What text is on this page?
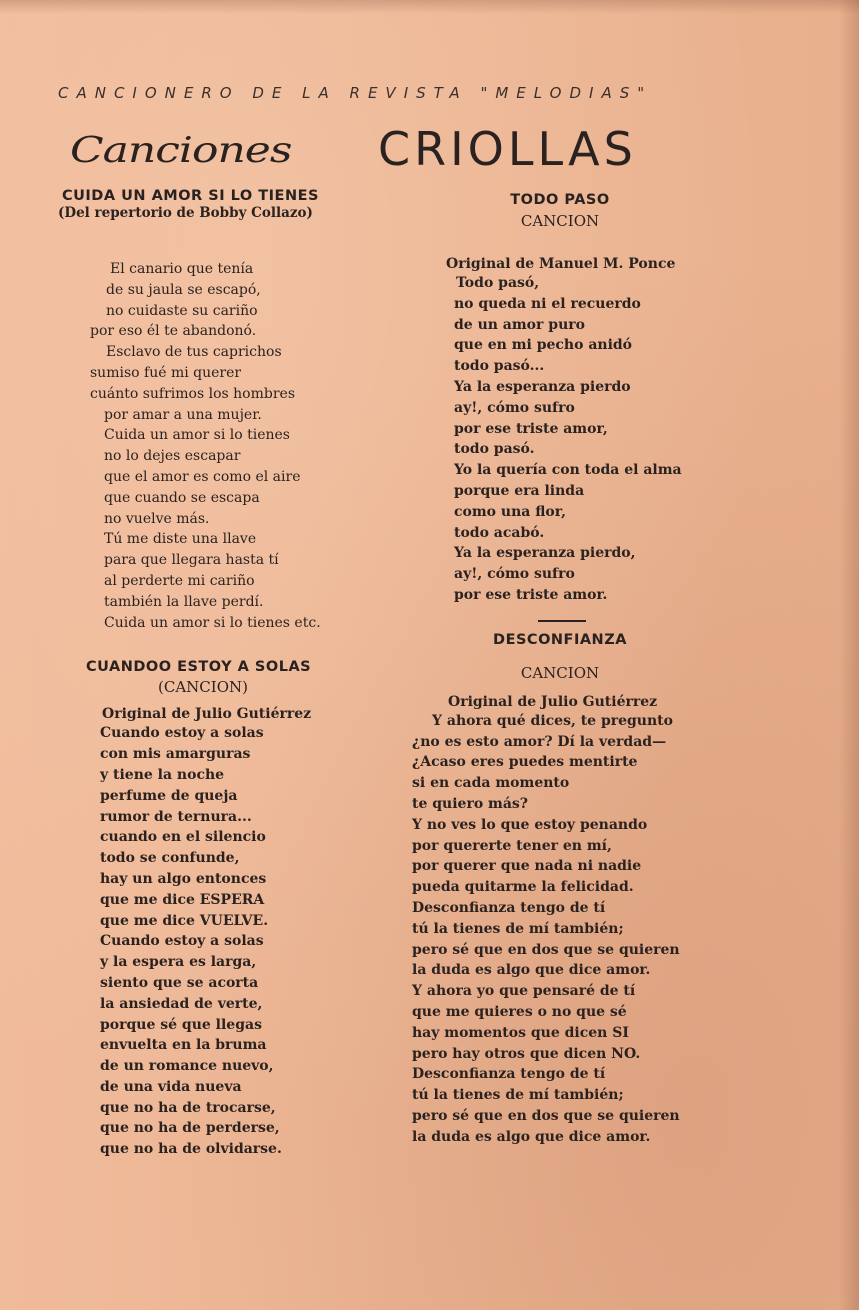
CANCIONERO DE LA REVISTA "MELODIAS"
Canciones CRIOLLAS
CUIDA UN AMOR SI LO TIENES
(Del repertorio de Bobby Collazo)
El canario que tenía
de su jaula se escapó,
no cuidaste su cariño
por eso él te abandonó.
Esclavo de tus caprichos
sumiso fué mi querer
cuánto sufrimos los hombres
por amar a una mujer.
Cuida un amor si lo tienes
no lo dejes escapar
que el amor es como el aire
que cuando se escapa
no vuelve más.
Tú me diste una llave
para que llegara hasta tí
al perderte mi cariño
también la llave perdí.
Cuida un amor si lo tienes etc.
CUANDOO ESTOY A SOLAS
(CANCION)
Original de Julio Gutiérrez
Cuando estoy a solas
con mis amarguras
y tiene la noche
perfume de queja
rumor de ternura...
cuando en el silencio
todo se confunde,
hay un algo entonces
que me dice ESPERA
que me dice VUELVE.
Cuando estoy a solas
y la espera es larga,
siento que se acorta
la ansiedad de verte,
porque sé que llegas
envuelta en la bruma
de un romance nuevo,
de una vida nueva
que no ha de trocarse,
que no ha de perderse,
que no ha de olvidarse.
TODO PASO
CANCION
Original de Manuel M. Ponce
Todo pasó,
no queda ni el recuerdo
de un amor puro
que en mi pecho anidó
todo pasó...
Ya la esperanza pierdo
ay!, cómo sufro
por ese triste amor,
todo pasó.
Yo la quería con toda el alma
porque era linda
como una flor,
todo acabó.
Ya la esperanza pierdo,
ay!, cómo sufro
por ese triste amor.
DESCONFIANZA
CANCION
Original de Julio Gutiérrez
Y ahora qué dices, te pregunto
¿no es esto amor? Dí la verdad—
¿Acaso eres puedes mentirte
si en cada momento
te quiero más?
Y no ves lo que estoy penando
por quererte tener en mí,
por querer que nada ni nadie
pueda quitarme la felicidad.
Desconfianza tengo de tí
tú la tienes de mí también;
pero sé que en dos que se quieren
la duda es algo que dice amor.
Y ahora yo que pensaré de tí
que me quieres o no que sé
hay momentos que dicen SI
pero hay otros que dicen NO.
Desconfianza tengo de tí
tú la tienes de mí también;
pero sé que en dos que se quieren
la duda es algo que dice amor.
